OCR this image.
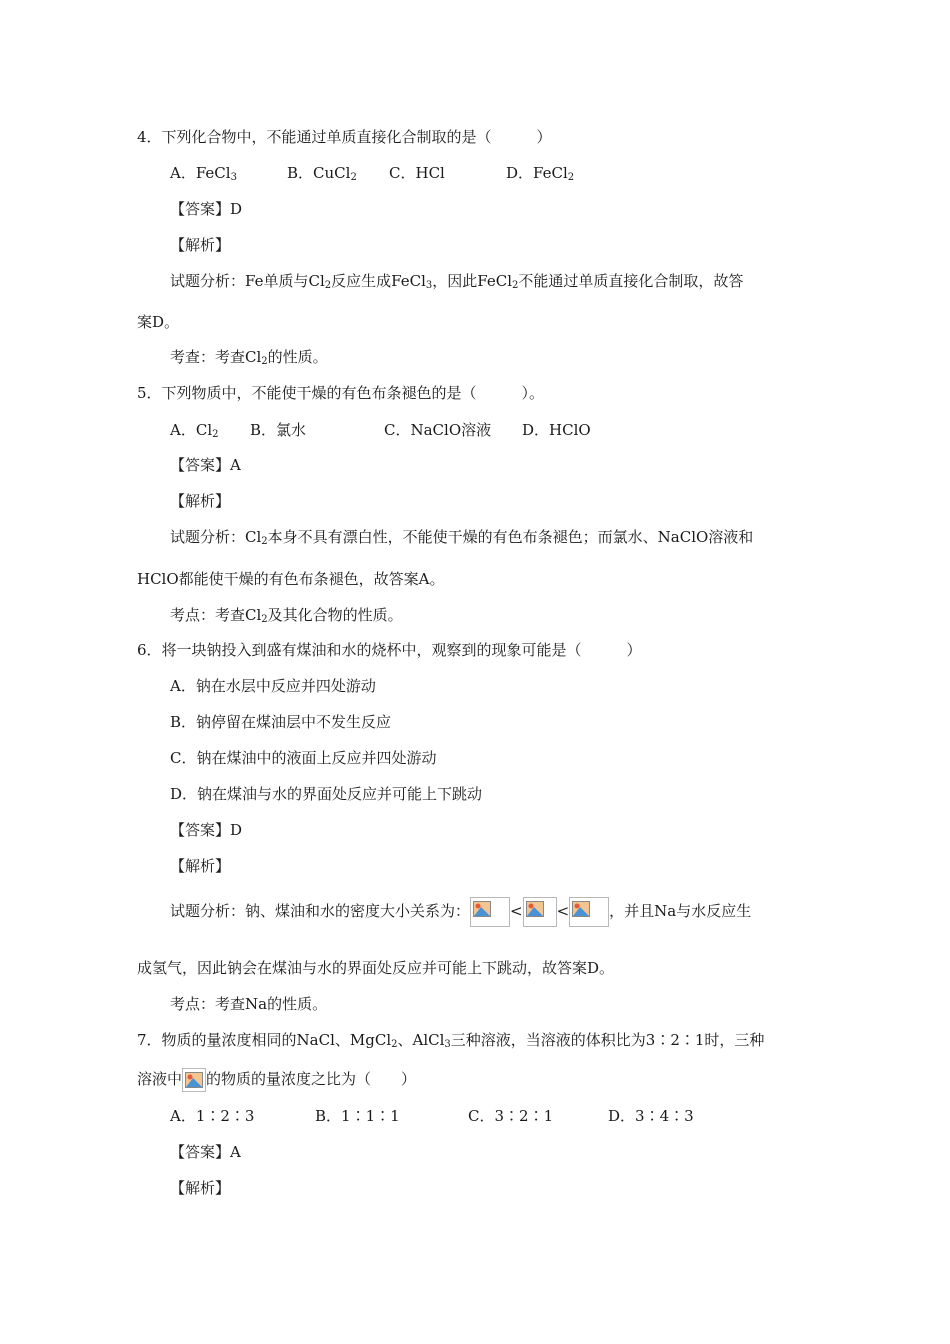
4．下列化合物中，不能通过单质直接化合制取的是（　　　）
A．FeCl$_3$	B．CuCl$_2$ C．HCl	D．FeCl$_2$
【答案】D
【解析】
试题分析：Fe单质与$Cl_2$反应生成FeCl$_3$，因此FeCl$_2$不能通过单质直接化合制取，故答
案D。
考查：考查$Cl_2$的性质。
5．下列物质中，不能使干燥的有色布条褪色的是（　　　）。
A．$Cl_2$ B．氯水	C．NaClO溶液 D．HClO
【答案】A
【解析】
试题分析：$Cl_2$本身不具有漂白性，不能使干燥的有色布条褪色；而氯水、NaClO溶液和
HClO都能使干燥的有色布条褪色，故答案A。
考点：考查$Cl_2$及其化合物的性质。
6．将一块钠投入到盛有煤油和水的烧杯中，观察到的现象可能是（　　　）
A．钠在水层中反应并四处游动
B．钠停留在煤油层中不发生反应
C．钠在煤油中的液面上反应并四处游动
D．钠在煤油与水的界面处反应并可能上下跳动
【答案】D
【解析】
试题分析：钠、煤油和水的密度大小关系为：	< <	，并且Na与水反应生
成氢气，因此钠会在煤油与水的界面处反应并可能上下跳动，故答案D。
考点：考查Na的性质。
7．物质的量浓度相同的NaCl、MgCl$_2$、AlCl$_3$三种溶液，当溶液的体积比为3∶2∶1时，三种
溶液中 的物质的量浓度之比为（　　）
A．1∶2∶3	B．1∶1∶1	C．3∶2∶1	D．3∶4∶3
【答案】A
【解析】
